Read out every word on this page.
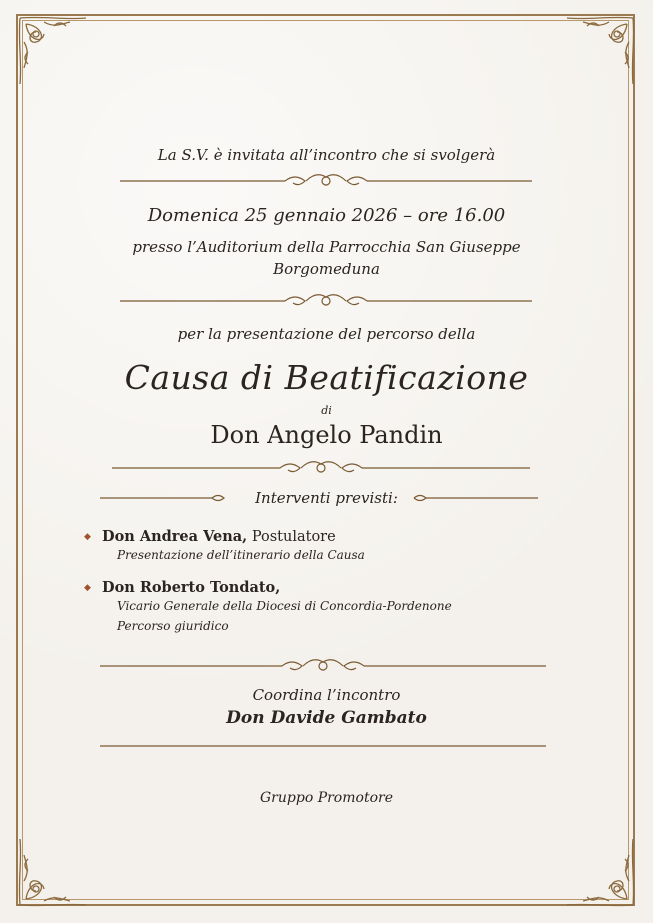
La S.V. è invitata all’incontro che si svolgerà
Domenica 25 gennaio 2026 – ore 16.00
presso l’Auditorium della Parrocchia San Giuseppe
Borgomeduna
per la presentazione del percorso della
Causa di Beatificazione
di
Don Angelo Pandin
Interventi previsti:
◆ Don Andrea Vena, Postulatore
Presentazione dell’itinerario della Causa
◆ Don Roberto Tondato,
Vicario Generale della Diocesi di Concordia-Pordenone
Percorso giuridico
Coordina l’incontro
Don Davide Gambato
Gruppo Promotore
